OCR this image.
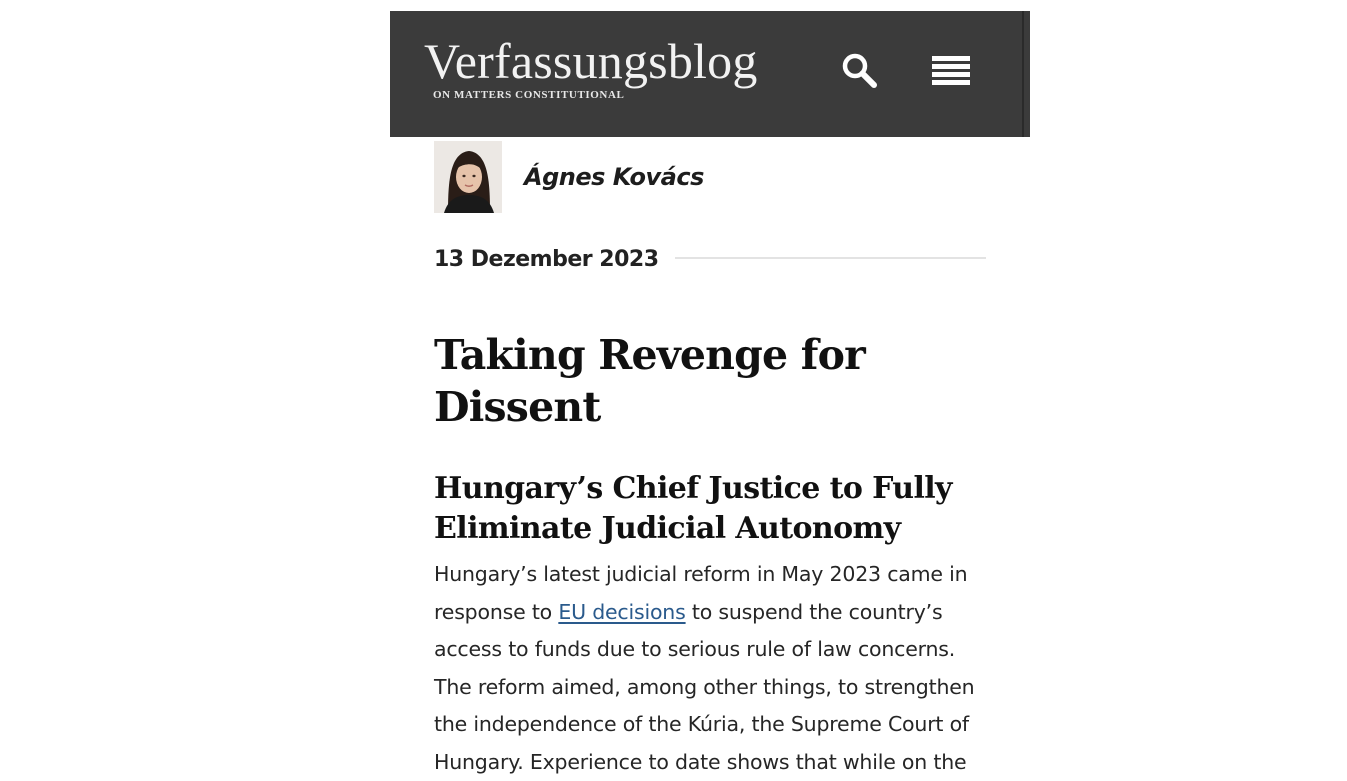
Verfassungsblog
ON MATTERS CONSTITUTIONAL
Ágnes Kovács
13 Dezember 2023
Taking Revenge for Dissent
Hungary’s Chief Justice to Fully Eliminate Judicial Autonomy

Hungary’s latest judicial reform in May 2023 came in response to EU decisions to suspend the country’s access to funds due to serious rule of law concerns. The reform aimed, among other things, to strengthen the independence of the Kúria, the Supreme Court of Hungary. Experience to date shows that while on the
